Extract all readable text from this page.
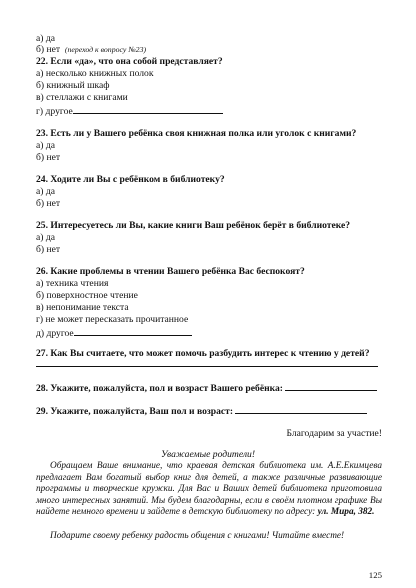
а) да
б) нет (переход к вопросу №23)
22. Если «да», что она собой представляет?
а) несколько книжных полок
б) книжный шкаф
в) стеллажи с книгами
г) другое
23. Есть ли у Вашего ребёнка своя книжная полка или уголок с книгами?
а) да
б) нет
24. Ходите ли Вы с ребёнком в библиотеку?
а) да
б) нет
25. Интересуетесь ли Вы, какие книги Ваш ребёнок берёт в библиотеке?
а) да
б) нет
26. Какие проблемы в чтении Вашего ребёнка Вас беспокоят?
а) техника чтения
б) поверхностное чтение
в) непонимание текста
г) не может пересказать прочитанное
д) другое
27. Как Вы считаете, что может помочь разбудить интерес к чтению у детей?
28. Укажите, пожалуйста, пол и возраст Вашего ребёнка:
29. Укажите, пожалуйста, Ваш пол и возраст:
Благодарим за участие!
Уважаемые родители!
Обращаем Ваше внимание, что краевая детская библиотека им. А.Е.Екимцева предлагает Вам богатый выбор книг для детей, а также различные развивающие программы и творческие кружки. Для Вас и Ваших детей библиотека приготовила много интересных занятий. Мы будем благодарны, если в своём плотном графике Вы найдете немного времени и зайдете в детскую библиотеку по адресу: ул. Мира, 382.
Подарите своему ребенку радость общения с книгами! Читайте вместе!
125
